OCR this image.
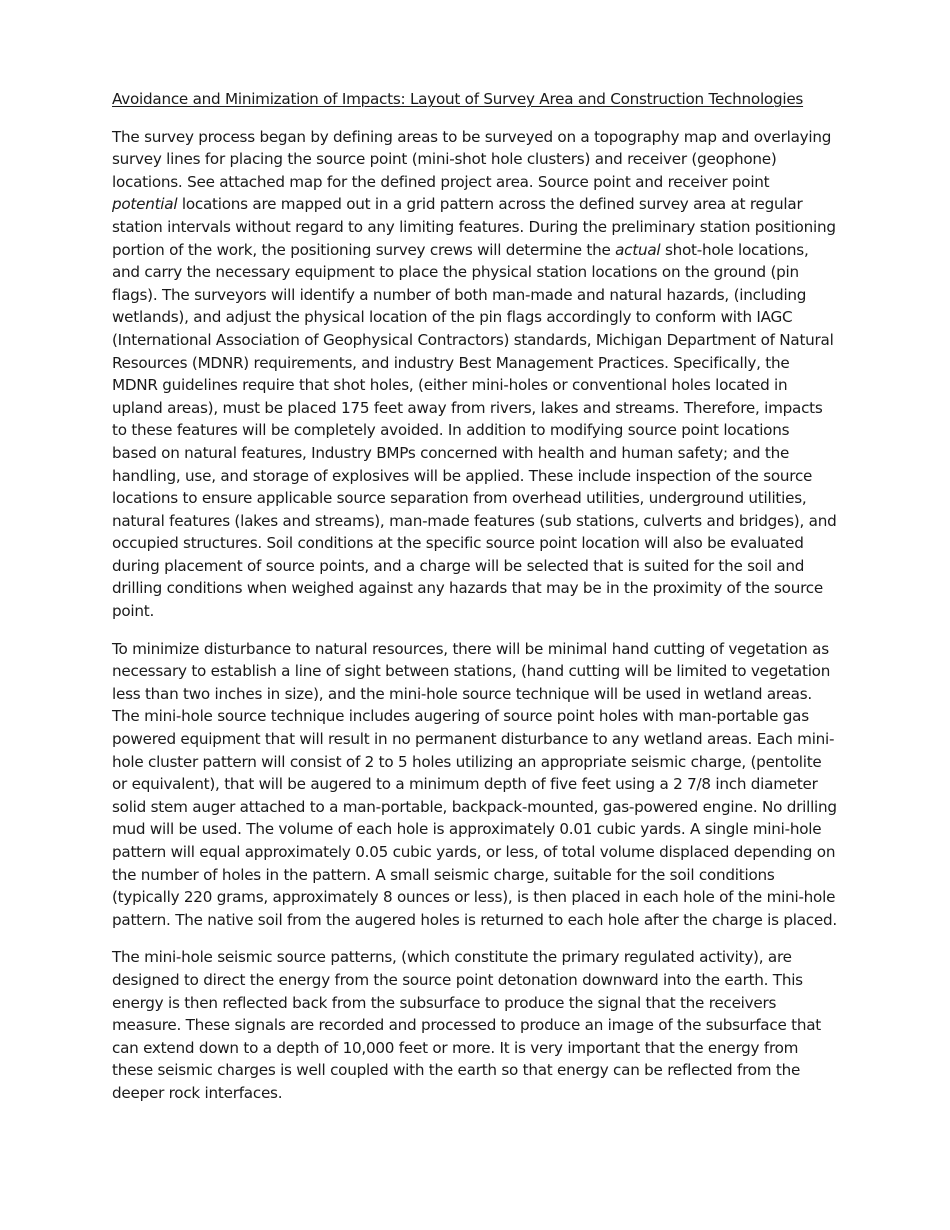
Avoidance and Minimization of Impacts: Layout of Survey Area and Construction Technologies

The survey process began by defining areas to be surveyed on a topography map and overlaying survey lines for placing the source point (mini-shot hole clusters) and receiver (geophone) locations. See attached map for the defined project area. Source point and receiver point potential locations are mapped out in a grid pattern across the defined survey area at regular station intervals without regard to any limiting features. During the preliminary station positioning portion of the work, the positioning survey crews will determine the actual shot-hole locations, and carry the necessary equipment to place the physical station locations on the ground (pin flags). The surveyors will identify a number of both man-made and natural hazards, (including wetlands), and adjust the physical location of the pin flags accordingly to conform with IAGC (International Association of Geophysical Contractors) standards, Michigan Department of Natural Resources (MDNR) requirements, and industry Best Management Practices. Specifically, the MDNR guidelines require that shot holes, (either mini-holes or conventional holes located in upland areas), must be placed 175 feet away from rivers, lakes and streams. Therefore, impacts to these features will be completely avoided. In addition to modifying source point locations based on natural features, Industry BMPs concerned with health and human safety; and the handling, use, and storage of explosives will be applied. These include inspection of the source locations to ensure applicable source separation from overhead utilities, underground utilities, natural features (lakes and streams), man-made features (sub stations, culverts and bridges), and occupied structures. Soil conditions at the specific source point location will also be evaluated during placement of source points, and a charge will be selected that is suited for the soil and drilling conditions when weighed against any hazards that may be in the proximity of the source point.

To minimize disturbance to natural resources, there will be minimal hand cutting of vegetation as necessary to establish a line of sight between stations, (hand cutting will be limited to vegetation less than two inches in size), and the mini-hole source technique will be used in wetland areas. The mini-hole source technique includes augering of source point holes with man-portable gas powered equipment that will result in no permanent disturbance to any wetland areas. Each mini-hole cluster pattern will consist of 2 to 5 holes utilizing an appropriate seismic charge, (pentolite or equivalent), that will be augered to a minimum depth of five feet using a 2 7/8 inch diameter solid stem auger attached to a man-portable, backpack-mounted, gas-powered engine. No drilling mud will be used. The volume of each hole is approximately 0.01 cubic yards. A single mini-hole pattern will equal approximately 0.05 cubic yards, or less, of total volume displaced depending on the number of holes in the pattern. A small seismic charge, suitable for the soil conditions (typically 220 grams, approximately 8 ounces or less), is then placed in each hole of the mini-hole pattern. The native soil from the augered holes is returned to each hole after the charge is placed.

The mini-hole seismic source patterns, (which constitute the primary regulated activity), are designed to direct the energy from the source point detonation downward into the earth. This energy is then reflected back from the subsurface to produce the signal that the receivers measure. These signals are recorded and processed to produce an image of the subsurface that can extend down to a depth of 10,000 feet or more. It is very important that the energy from these seismic charges is well coupled with the earth so that energy can be reflected from the deeper rock interfaces.
